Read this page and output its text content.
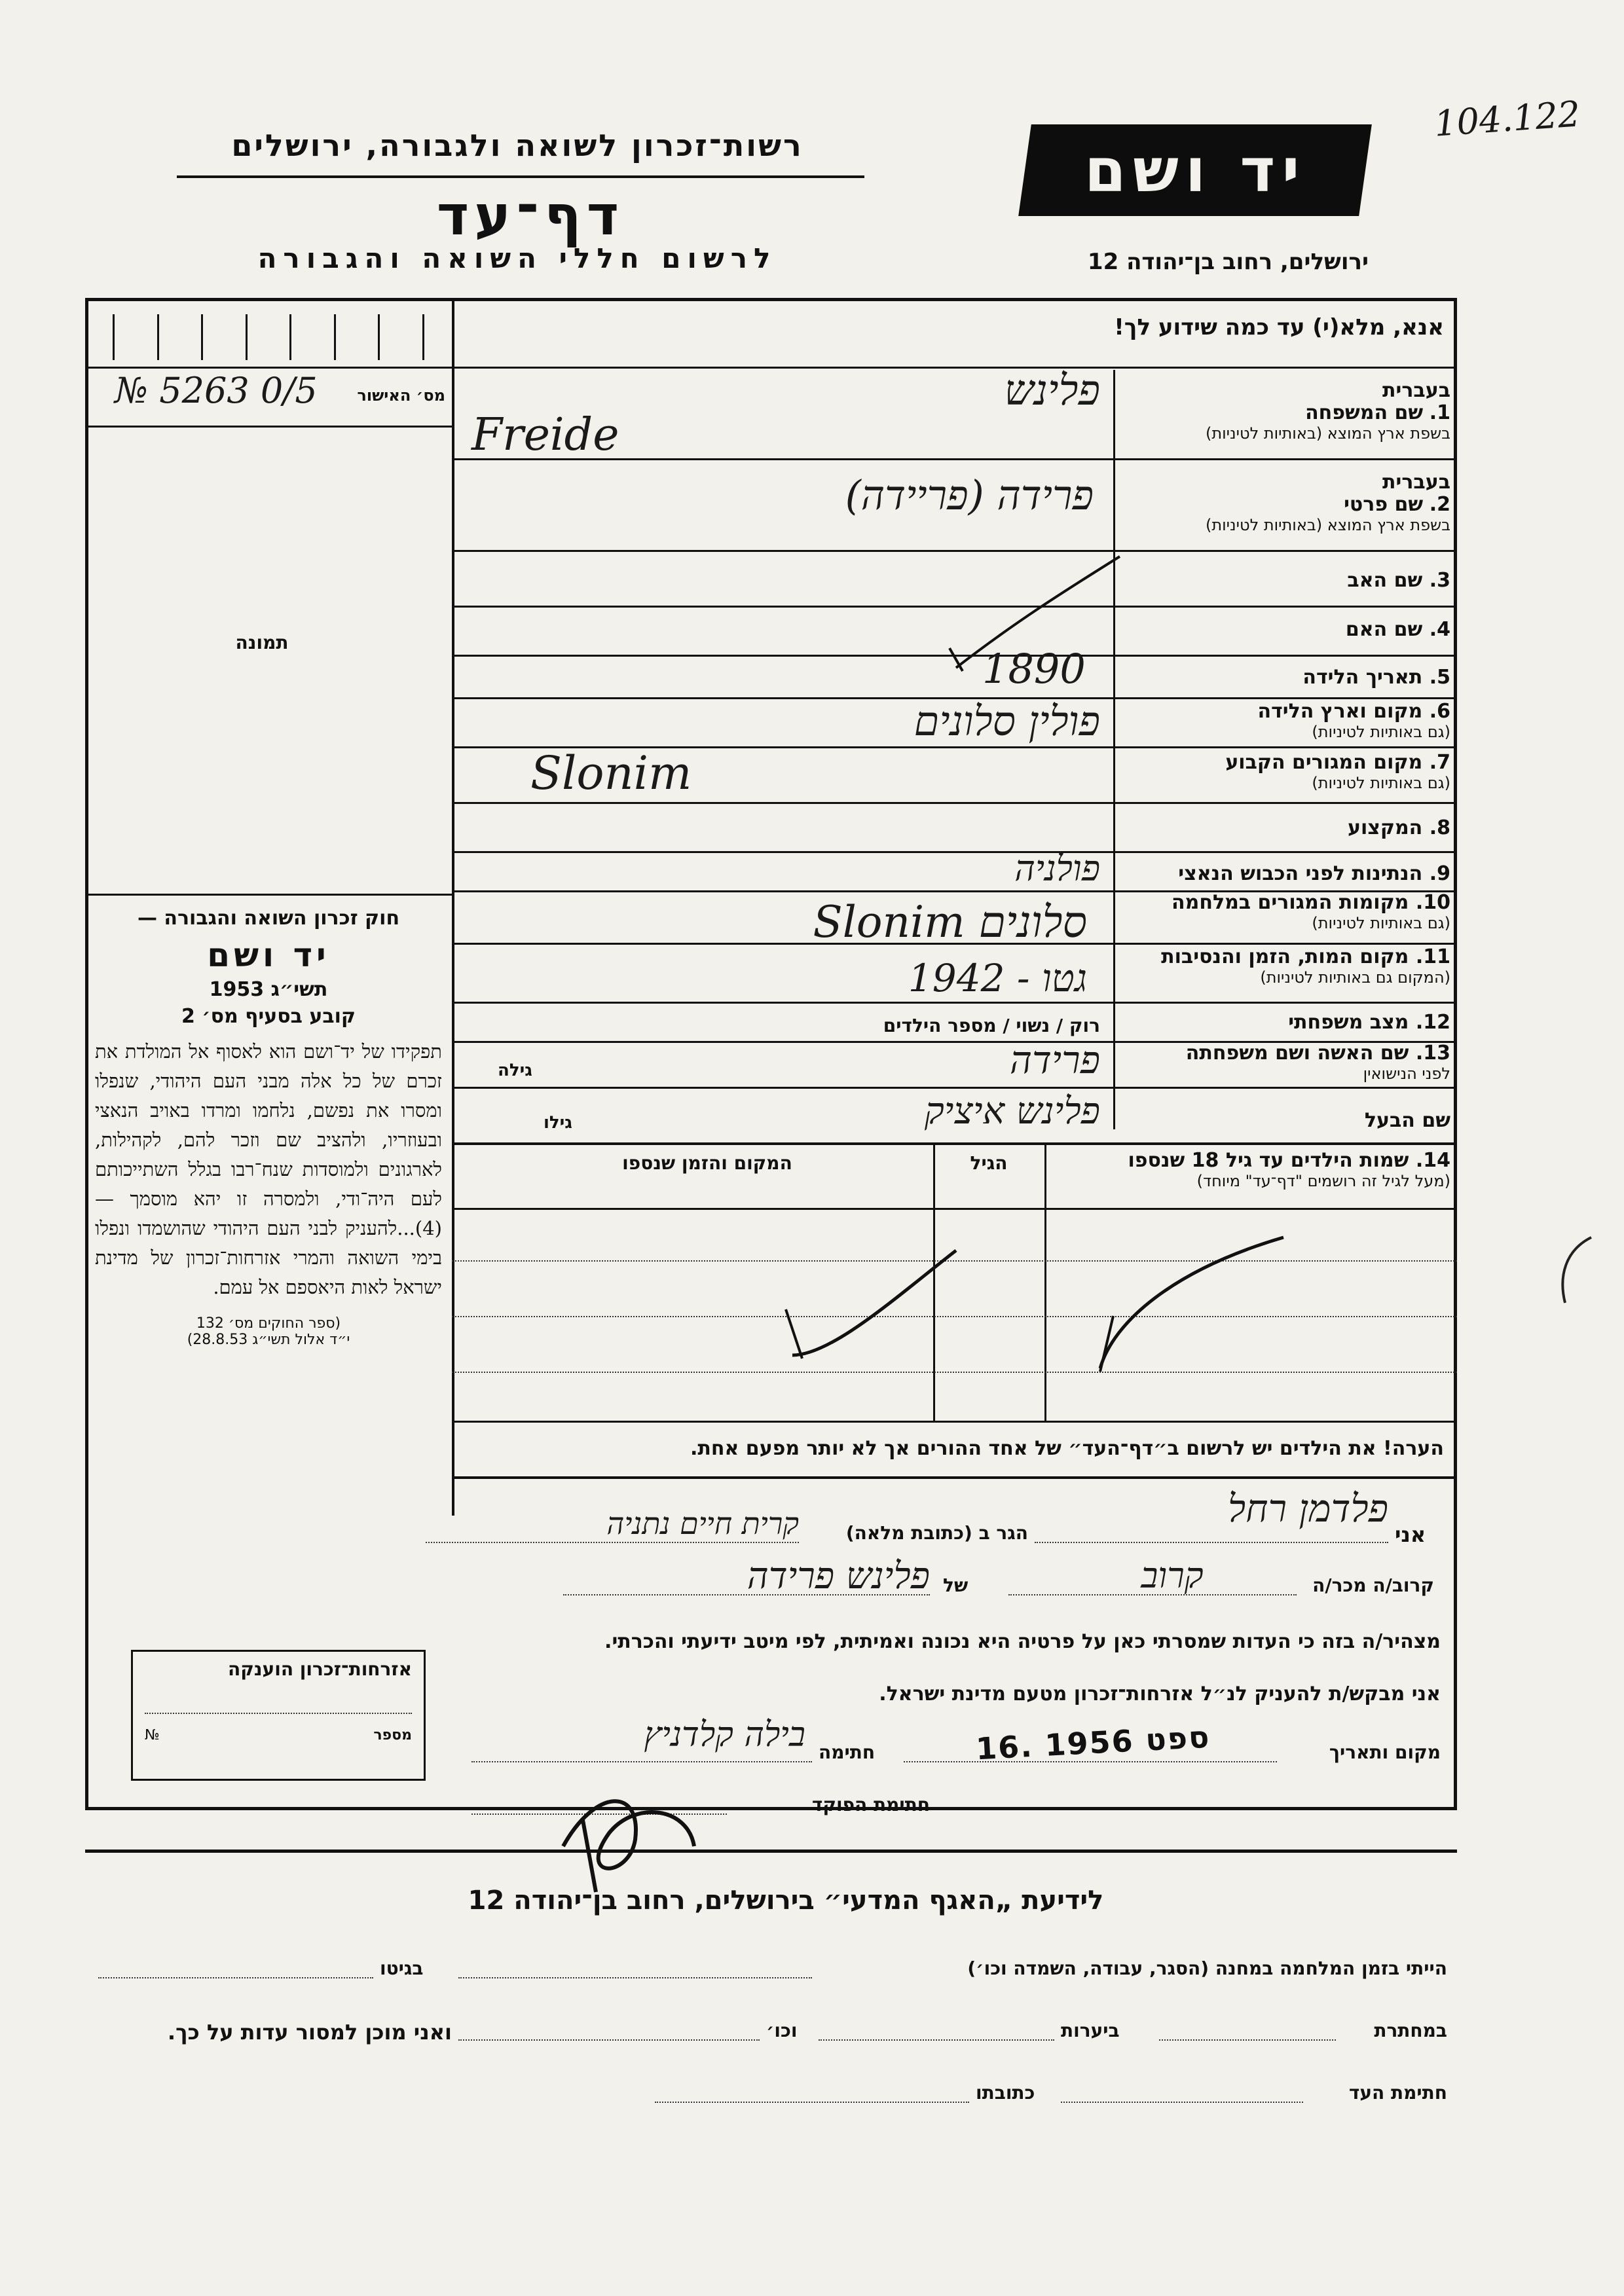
104.122
רשות־זכרון לשואה ולגבורה, ירושלים
דף־עד
לרשום חללי השואה והגבורה
יד ושם
ירושלים, רחוב בן־יהודה 12
אנא, מלא(י) עד כמה שידוע לך!
מס׳ האישור
№ 5263 0/5
תמונה
בעברית
1. שם המשפחה
בשפת ארץ המוצא (באותיות לטיניות)
פלינש
Freide
בעברית
2. שם פרטי
בשפת ארץ המוצא (באותיות לטיניות)
פרידה (פריידה)
3. שם האב
4. שם האם
5. תאריך הלידה
1890
6. מקום וארץ הלידה
(גם באותיות לטיניות)
פולין סלונים
7. מקום המגורים הקבוע
(גם באותיות לטיניות)
Slonim
8. המקצוע
9. הנתינות לפני הכבוש הנאצי
פולניה
10. מקומות המגורים במלחמה
(גם באותיות לטיניות)
סלונים Slonim
11. מקום המות, הזמן והנסיבות
(המקום גם באותיות לטיניות)
גטו - 1942
12. מצב משפחתי
רוק / נשוי / מספר הילדים
13. שם האשה ושם משפחתה
לפני הנישואין
פרידה
גילה
שם הבעל
פלינש איציק
גילו
14. שמות הילדים עד גיל 18 שנספו
(מעל לגיל זה רושמים "דף־עד" מיוחד)
הגיל
המקום והזמן שנספו
הערה! את הילדים יש לרשום ב״דף־העד״ של אחד ההורים אך לא יותר מפעם אחת.
חוק זכרון השואה והגבורה —
יד ושם
תשי״ג 1953
קובע בסעיף מס׳ 2
תפקידו של יד־ושם הוא לאסוף אל המולדת את זכרם של כל אלה מבני העם היהודי, שנפלו ומסרו את נפשם, נלחמו ומרדו באויב הנאצי ובעוזריו, ולהציב שם וזכר להם, לקהילות, לארגונים ולמוסדות שנח־רבו בגלל השתייכותם לעם היה־ודי, ולמסרה זו יהא מוסמך — (4)...להעניק לבני העם היהודי שהושמדו ונפלו בימי השואה והמרי אזרחות־זכרון של מדינת ישראל לאות היאספם אל עמם.
(ספר החוקים מס׳ 132
י״ד אלול תשי״ג 28.8.53)
אני
פלדמן רחל
הגר ב (כתובת מלאה)
קרית חיים נתניה
קרוב/ה מכר/ה
קרוב
של
פלינש פרידה
מצהיר/ה בזה כי העדות שמסרתי כאן על פרטיה היא נכונה ואמיתית, לפי מיטב ידיעתי והכרתי.
אני מבקש/ת להעניק לנ״ל אזרחות־זכרון מטעם מדינת ישראל.
מקום ותאריך
16. ספט 1956
חתימה
בילה קלדניץ
חתימת הפוקד
אזרחות־זכרון הוענקה
№	מספר
לידיעת „האגף המדעי״ בירושלים, רחוב בן־יהודה 12
הייתי בזמן המלחמה במחנה (הסגר, עבודה, השמדה וכו׳)
בגיטו
במחתרת
ביערות
וכו׳
ואני מוכן למסור עדות על כך.
חתימת העד
כתובתו
